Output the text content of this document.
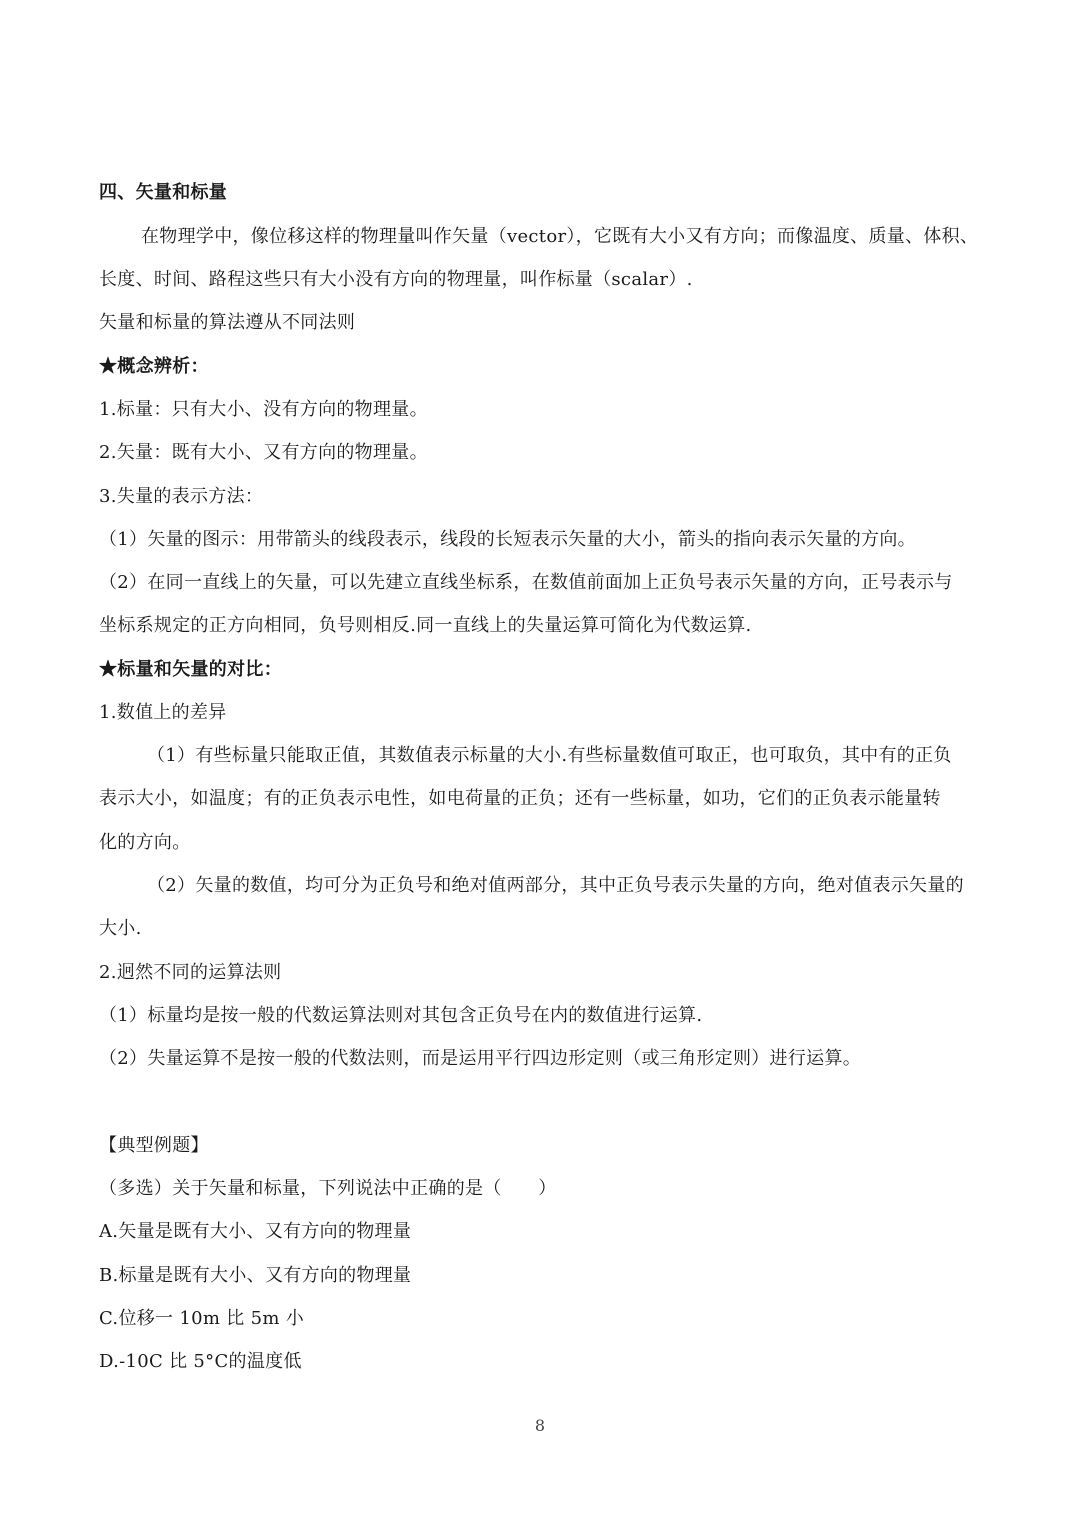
四、矢量和标量
在物理学中，像位移这样的物理量叫作矢量（vector），它既有大小又有方向；而像温度、质量、体积、
长度、时间、路程这些只有大小没有方向的物理量，叫作标量（scalar）.
矢量和标量的算法遵从不同法则
★概念辨析：
1.标量：只有大小、没有方向的物理量。
2.矢量：既有大小、又有方向的物理量。
3.失量的表示方法：
（1）矢量的图示：用带箭头的线段表示，线段的长短表示矢量的大小，箭头的指向表示矢量的方向。
（2）在同一直线上的矢量，可以先建立直线坐标系，在数值前面加上正负号表示矢量的方向，正号表示与
坐标系规定的正方向相同，负号则相反.同一直线上的失量运算可简化为代数运算.
★标量和矢量的对比：
1.数值上的差异
（1）有些标量只能取正值，其数值表示标量的大小.有些标量数值可取正，也可取负，其中有的正负
表示大小，如温度；有的正负表示电性，如电荷量的正负；还有一些标量，如功，它们的正负表示能量转
化的方向。
（2）矢量的数值，均可分为正负号和绝对值两部分，其中正负号表示失量的方向，绝对值表示矢量的
大小.
2.迥然不同的运算法则
（1）标量均是按一般的代数运算法则对其包含正负号在内的数值进行运算.
（2）失量运算不是按一般的代数法则，而是运用平行四边形定则（或三角形定则）进行运算。
【典型例题】
（多选）关于矢量和标量，下列说法中正确的是（　　）
A.矢量是既有大小、又有方向的物理量
B.标量是既有大小、又有方向的物理量
C.位移一 10m 比 5m 小
D.-10C 比 5°C的温度低
8
